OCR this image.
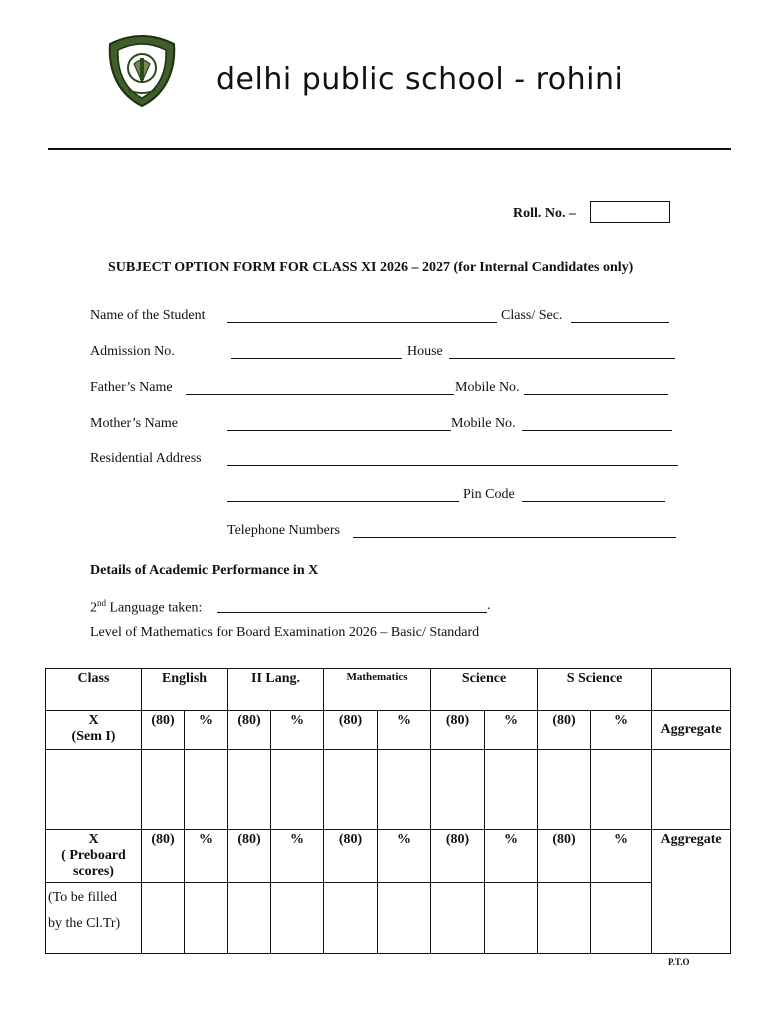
delhi public school - rohini
Roll. No. –
SUBJECT OPTION FORM FOR CLASS XI 2026 – 2027 (for Internal Candidates only)
Name of the Student	Class/ Sec.
Admission No.	House
Father’s Name	Mobile No.
Mother’s Name	Mobile No.
Residential Address
Pin Code
Telephone Numbers
Details of Academic Performance in X
2nd Language taken:	.
Level of Mathematics for Board Examination 2026 – Basic/ Standard
Class	English		II Lang.		Mathematics		Science		S Science		
X
(Sem I)	(80)	%	(80)	%	(80)	%	(80)	%	(80)	%	Aggregate

X
( Preboard
scores)	(80)	%	(80)	%	(80)	%	(80)	%	(80)	%	Aggregate
(To be filled
by the Cl.Tr)											
P.T.O
